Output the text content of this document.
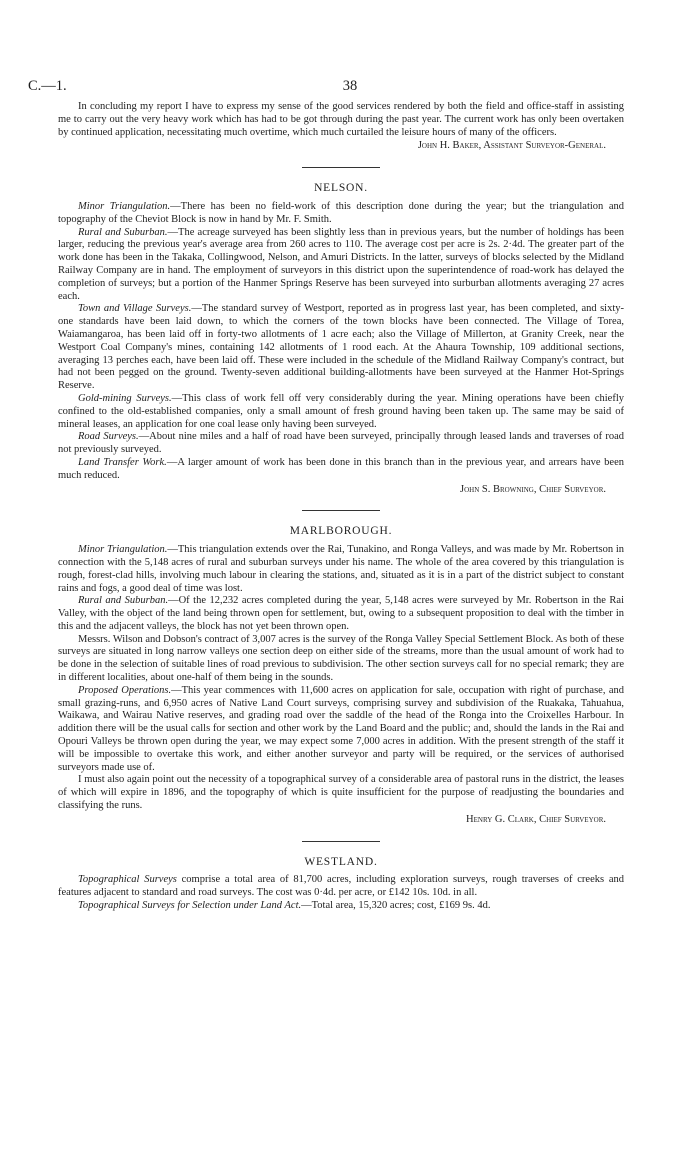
C.—1.	38

In concluding my report I have to express my sense of the good services rendered by both the field and office-staff in assisting me to carry out the very heavy work which has had to be got through during the past year. The current work has only been overtaken by continued application, necessitating much overtime, which much curtailed the leisure hours of many of the officers.

John H. Baker, Assistant Surveyor-General.

NELSON.

Minor Triangulation.—There has been no field-work of this description done during the year; but the triangulation and topography of the Cheviot Block is now in hand by Mr. F. Smith.

Rural and Suburban.—The acreage surveyed has been slightly less than in previous years, but the number of holdings has been larger, reducing the previous year's average area from 260 acres to 110. The average cost per acre is 2s. 2·4d. The greater part of the work done has been in the Takaka, Collingwood, Nelson, and Amuri Districts. In the latter, surveys of blocks selected by the Midland Railway Company are in hand. The employment of surveyors in this district upon the superintendence of road-work has delayed the completion of surveys; but a portion of the Hanmer Springs Reserve has been surveyed into surburban allotments averaging 27 acres each.

Town and Village Surveys.—The standard survey of Westport, reported as in progress last year, has been completed, and sixty-one standards have been laid down, to which the corners of the town blocks have been connected. The Village of Torea, Waiamangaroa, has been laid off in forty-two allotments of 1 acre each; also the Village of Millerton, at Granity Creek, near the Westport Coal Company's mines, containing 142 allotments of 1 rood each. At the Ahaura Township, 109 additional sections, averaging 13 perches each, have been laid off. These were included in the schedule of the Midland Railway Company's contract, but had not been pegged on the ground. Twenty-seven additional building-allotments have been surveyed at the Hanmer Hot-Springs Reserve.

Gold-mining Surveys.—This class of work fell off very considerably during the year. Mining operations have been chiefly confined to the old-established companies, only a small amount of fresh ground having been taken up. The same may be said of mineral leases, an application for one coal lease only having been surveyed.

Road Surveys.—About nine miles and a half of road have been surveyed, principally through leased lands and traverses of road not previously surveyed.

Land Transfer Work.—A larger amount of work has been done in this branch than in the previous year, and arrears have been much reduced.

John S. Browning, Chief Surveyor.

MARLBOROUGH.

Minor Triangulation.—This triangulation extends over the Rai, Tunakino, and Ronga Valleys, and was made by Mr. Robertson in connection with the 5,148 acres of rural and suburban surveys under his name. The whole of the area covered by this triangulation is rough, forest-clad hills, involving much labour in clearing the stations, and, situated as it is in a part of the district subject to constant rains and fogs, a good deal of time was lost.

Rural and Suburban.—Of the 12,232 acres completed during the year, 5,148 acres were surveyed by Mr. Robertson in the Rai Valley, with the object of the land being thrown open for settlement, but, owing to a subsequent proposition to deal with the timber in this and the adjacent valleys, the block has not yet been thrown open.

Messrs. Wilson and Dobson's contract of 3,007 acres is the survey of the Ronga Valley Special Settlement Block. As both of these surveys are situated in long narrow valleys one section deep on either side of the streams, more than the usual amount of work had to be done in the selection of suitable lines of road previous to subdivision. The other section surveys call for no special remark; they are in different localities, about one-half of them being in the sounds.

Proposed Operations.—This year commences with 11,600 acres on application for sale, occupation with right of purchase, and small grazing-runs, and 6,950 acres of Native Land Court surveys, comprising survey and subdivision of the Ruakaka, Tahuahua, Waikawa, and Wairau Native reserves, and grading road over the saddle of the head of the Ronga into the Croixelles Harbour. In addition there will be the usual calls for section and other work by the Land Board and the public; and, should the lands in the Rai and Opouri Valleys be thrown open during the year, we may expect some 7,000 acres in addition. With the present strength of the staff it will be impossible to overtake this work, and either another surveyor and party will be required, or the services of authorised surveyors made use of.

I must also again point out the necessity of a topographical survey of a considerable area of pastoral runs in the district, the leases of which will expire in 1896, and the topography of which is quite insufficient for the purpose of readjusting the boundaries and classifying the runs.

Henry G. Clark, Chief Surveyor.

WESTLAND.

Topographical Surveys comprise a total area of 81,700 acres, including exploration surveys, rough traverses of creeks and features adjacent to standard and road surveys. The cost was 0·4d. per acre, or £142 10s. 10d. in all.

Topographical Surveys for Selection under Land Act.—Total area, 15,320 acres; cost, £169 9s. 4d.
